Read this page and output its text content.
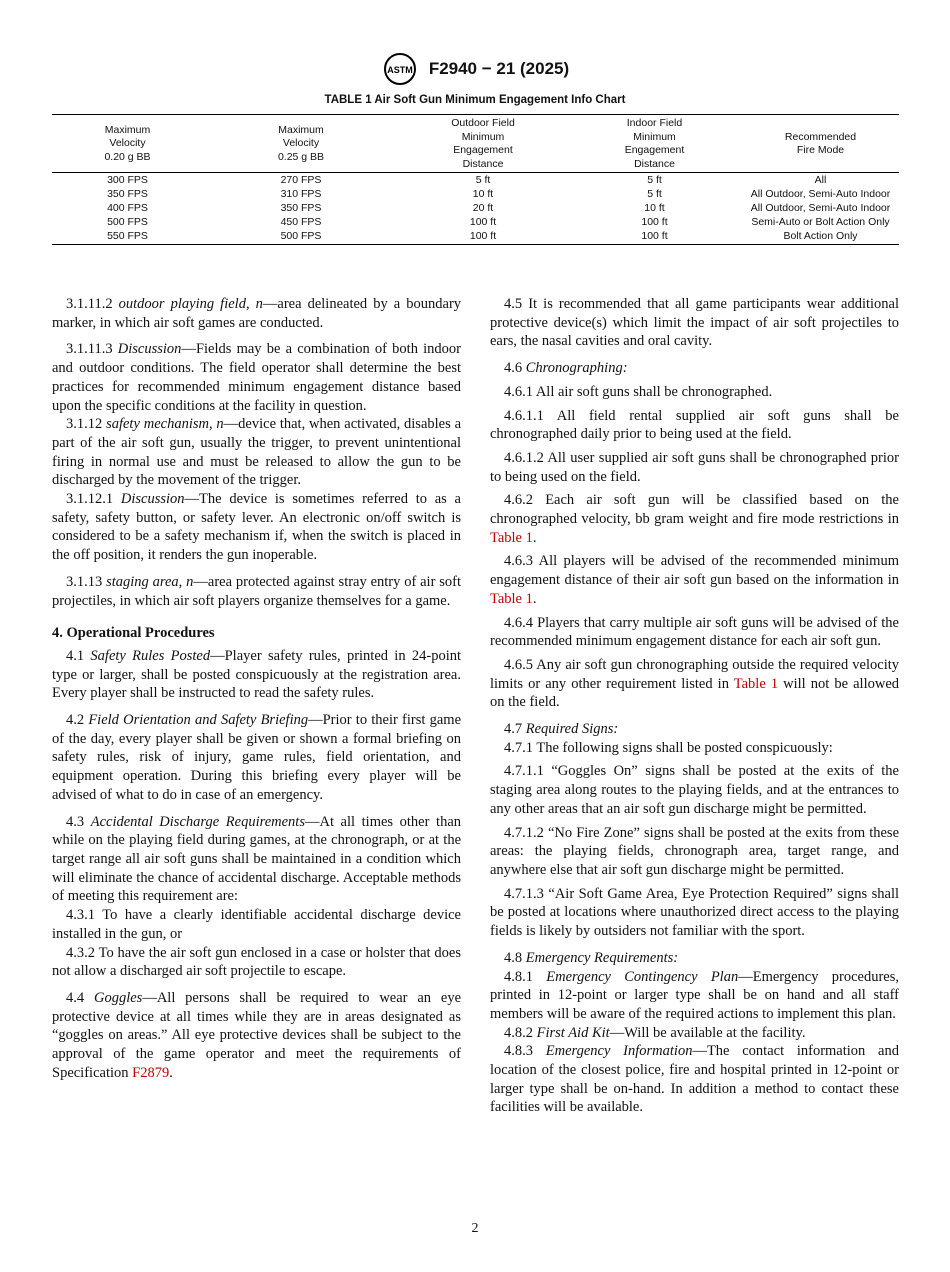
ASTM F2940 − 21 (2025)
TABLE 1 Air Soft Gun Minimum Engagement Info Chart
Maximum
Velocity
0.20 g BB	Maximum
Velocity
0.25 g BB	Outdoor Field
Minimum
Engagement
Distance	Indoor Field
Minimum
Engagement
Distance	Recommended
Fire Mode
300 FPS	270 FPS	5 ft	5 ft	All
350 FPS	310 FPS	10 ft	5 ft	All Outdoor, Semi-Auto Indoor
400 FPS	350 FPS	20 ft	10 ft	All Outdoor, Semi-Auto Indoor
500 FPS	450 FPS	100 ft	100 ft	Semi-Auto or Bolt Action Only
550 FPS	500 FPS	100 ft	100 ft	Bolt Action Only

3.1.11.2 outdoor playing field, n—area delineated by a boundary marker, in which air soft games are conducted.

3.1.11.3 Discussion—Fields may be a combination of both indoor and outdoor conditions. The field operator shall determine the best practices for recommended minimum engagement distance based upon the specific conditions at the facility in question.

3.1.12 safety mechanism, n—device that, when activated, disables a part of the air soft gun, usually the trigger, to prevent unintentional firing in normal use and must be released to allow the gun to be discharged by the movement of the trigger.

3.1.12.1 Discussion—The device is sometimes referred to as a safety, safety button, or safety lever. An electronic on/off switch is considered to be a safety mechanism if, when the switch is placed in the off position, it renders the gun inoperable.

3.1.13 staging area, n—area protected against stray entry of air soft projectiles, in which air soft players organize themselves for a game.

4. Operational Procedures

4.1 Safety Rules Posted—Player safety rules, printed in 24-point type or larger, shall be posted conspicuously at the registration area. Every player shall be instructed to read the safety rules.

4.2 Field Orientation and Safety Briefing—Prior to their first game of the day, every player shall be given or shown a formal briefing on safety rules, risk of injury, game rules, field orientation, and equipment operation. During this briefing every player will be advised of what to do in case of an emergency.

4.3 Accidental Discharge Requirements—At all times other than while on the playing field during games, at the chronograph, or at the target range all air soft guns shall be maintained in a condition which will eliminate the chance of accidental discharge. Acceptable methods of meeting this requirement are:

4.3.1 To have a clearly identifiable accidental discharge device installed in the gun, or

4.3.2 To have the air soft gun enclosed in a case or holster that does not allow a discharged air soft projectile to escape.

4.4 Goggles—All persons shall be required to wear an eye protective device at all times while they are in areas designated as “goggles on areas.” All eye protective devices shall be subject to the approval of the game operator and meet the requirements of Specification F2879.

4.5 It is recommended that all game participants wear additional protective device(s) which limit the impact of air soft projectiles to ears, the nasal cavities and oral cavity.

4.6 Chronographing:

4.6.1 All air soft guns shall be chronographed.

4.6.1.1 All field rental supplied air soft guns shall be chronographed daily prior to being used at the field.

4.6.1.2 All user supplied air soft guns shall be chronographed prior to being used on the field.

4.6.2 Each air soft gun will be classified based on the chronographed velocity, bb gram weight and fire mode restrictions in Table 1.

4.6.3 All players will be advised of the recommended minimum engagement distance of their air soft gun based on the information in Table 1.

4.6.4 Players that carry multiple air soft guns will be advised of the recommended minimum engagement distance for each air soft gun.

4.6.5 Any air soft gun chronographing outside the required velocity limits or any other requirement listed in Table 1 will not be allowed on the field.

4.7 Required Signs:

4.7.1 The following signs shall be posted conspicuously:

4.7.1.1 “Goggles On” signs shall be posted at the exits of the staging area along routes to the playing fields, and at the entrances to any other areas that an air soft gun discharge might be permitted.

4.7.1.2 “No Fire Zone” signs shall be posted at the exits from these areas: the playing fields, chronograph area, target range, and anywhere else that air soft gun discharge might be permitted.

4.7.1.3 “Air Soft Game Area, Eye Protection Required” signs shall be posted at locations where unauthorized direct access to the playing fields is likely by outsiders not familiar with the sport.

4.8 Emergency Requirements:

4.8.1 Emergency Contingency Plan—Emergency procedures, printed in 12-point or larger type shall be on hand and all staff members will be aware of the required actions to implement this plan.

4.8.2 First Aid Kit—Will be available at the facility.

4.8.3 Emergency Information—The contact information and location of the closest police, fire and hospital printed in 12-point or larger type shall be on-hand. In addition a method to contact these facilities will be available.

2
